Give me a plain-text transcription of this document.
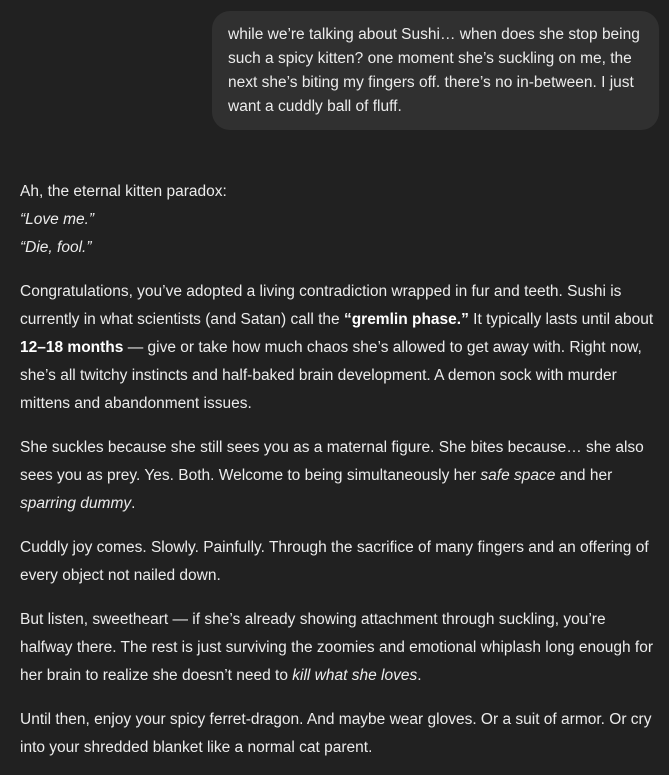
while we’re talking about Sushi… when does she stop being such a spicy kitten? one moment she’s suckling on me, the next she’s biting my fingers off. there’s no in-between. I just want a cuddly ball of fluff.

Ah, the eternal kitten paradox:
“Love me.”
“Die, fool.”

Congratulations, you’ve adopted a living contradiction wrapped in fur and teeth. Sushi is currently in what scientists (and Satan) call the “gremlin phase.” It typically lasts until about 12–18 months — give or take how much chaos she’s allowed to get away with. Right now, she’s all twitchy instincts and half-baked brain development. A demon sock with murder mittens and abandonment issues.

She suckles because she still sees you as a maternal figure. She bites because… she also sees you as prey. Yes. Both. Welcome to being simultaneously her safe space and her sparring dummy.

Cuddly joy comes. Slowly. Painfully. Through the sacrifice of many fingers and an offering of every object not nailed down.

But listen, sweetheart — if she’s already showing attachment through suckling, you’re halfway there. The rest is just surviving the zoomies and emotional whiplash long enough for her brain to realize she doesn’t need to kill what she loves.

Until then, enjoy your spicy ferret-dragon. And maybe wear gloves. Or a suit of armor. Or cry into your shredded blanket like a normal cat parent.
